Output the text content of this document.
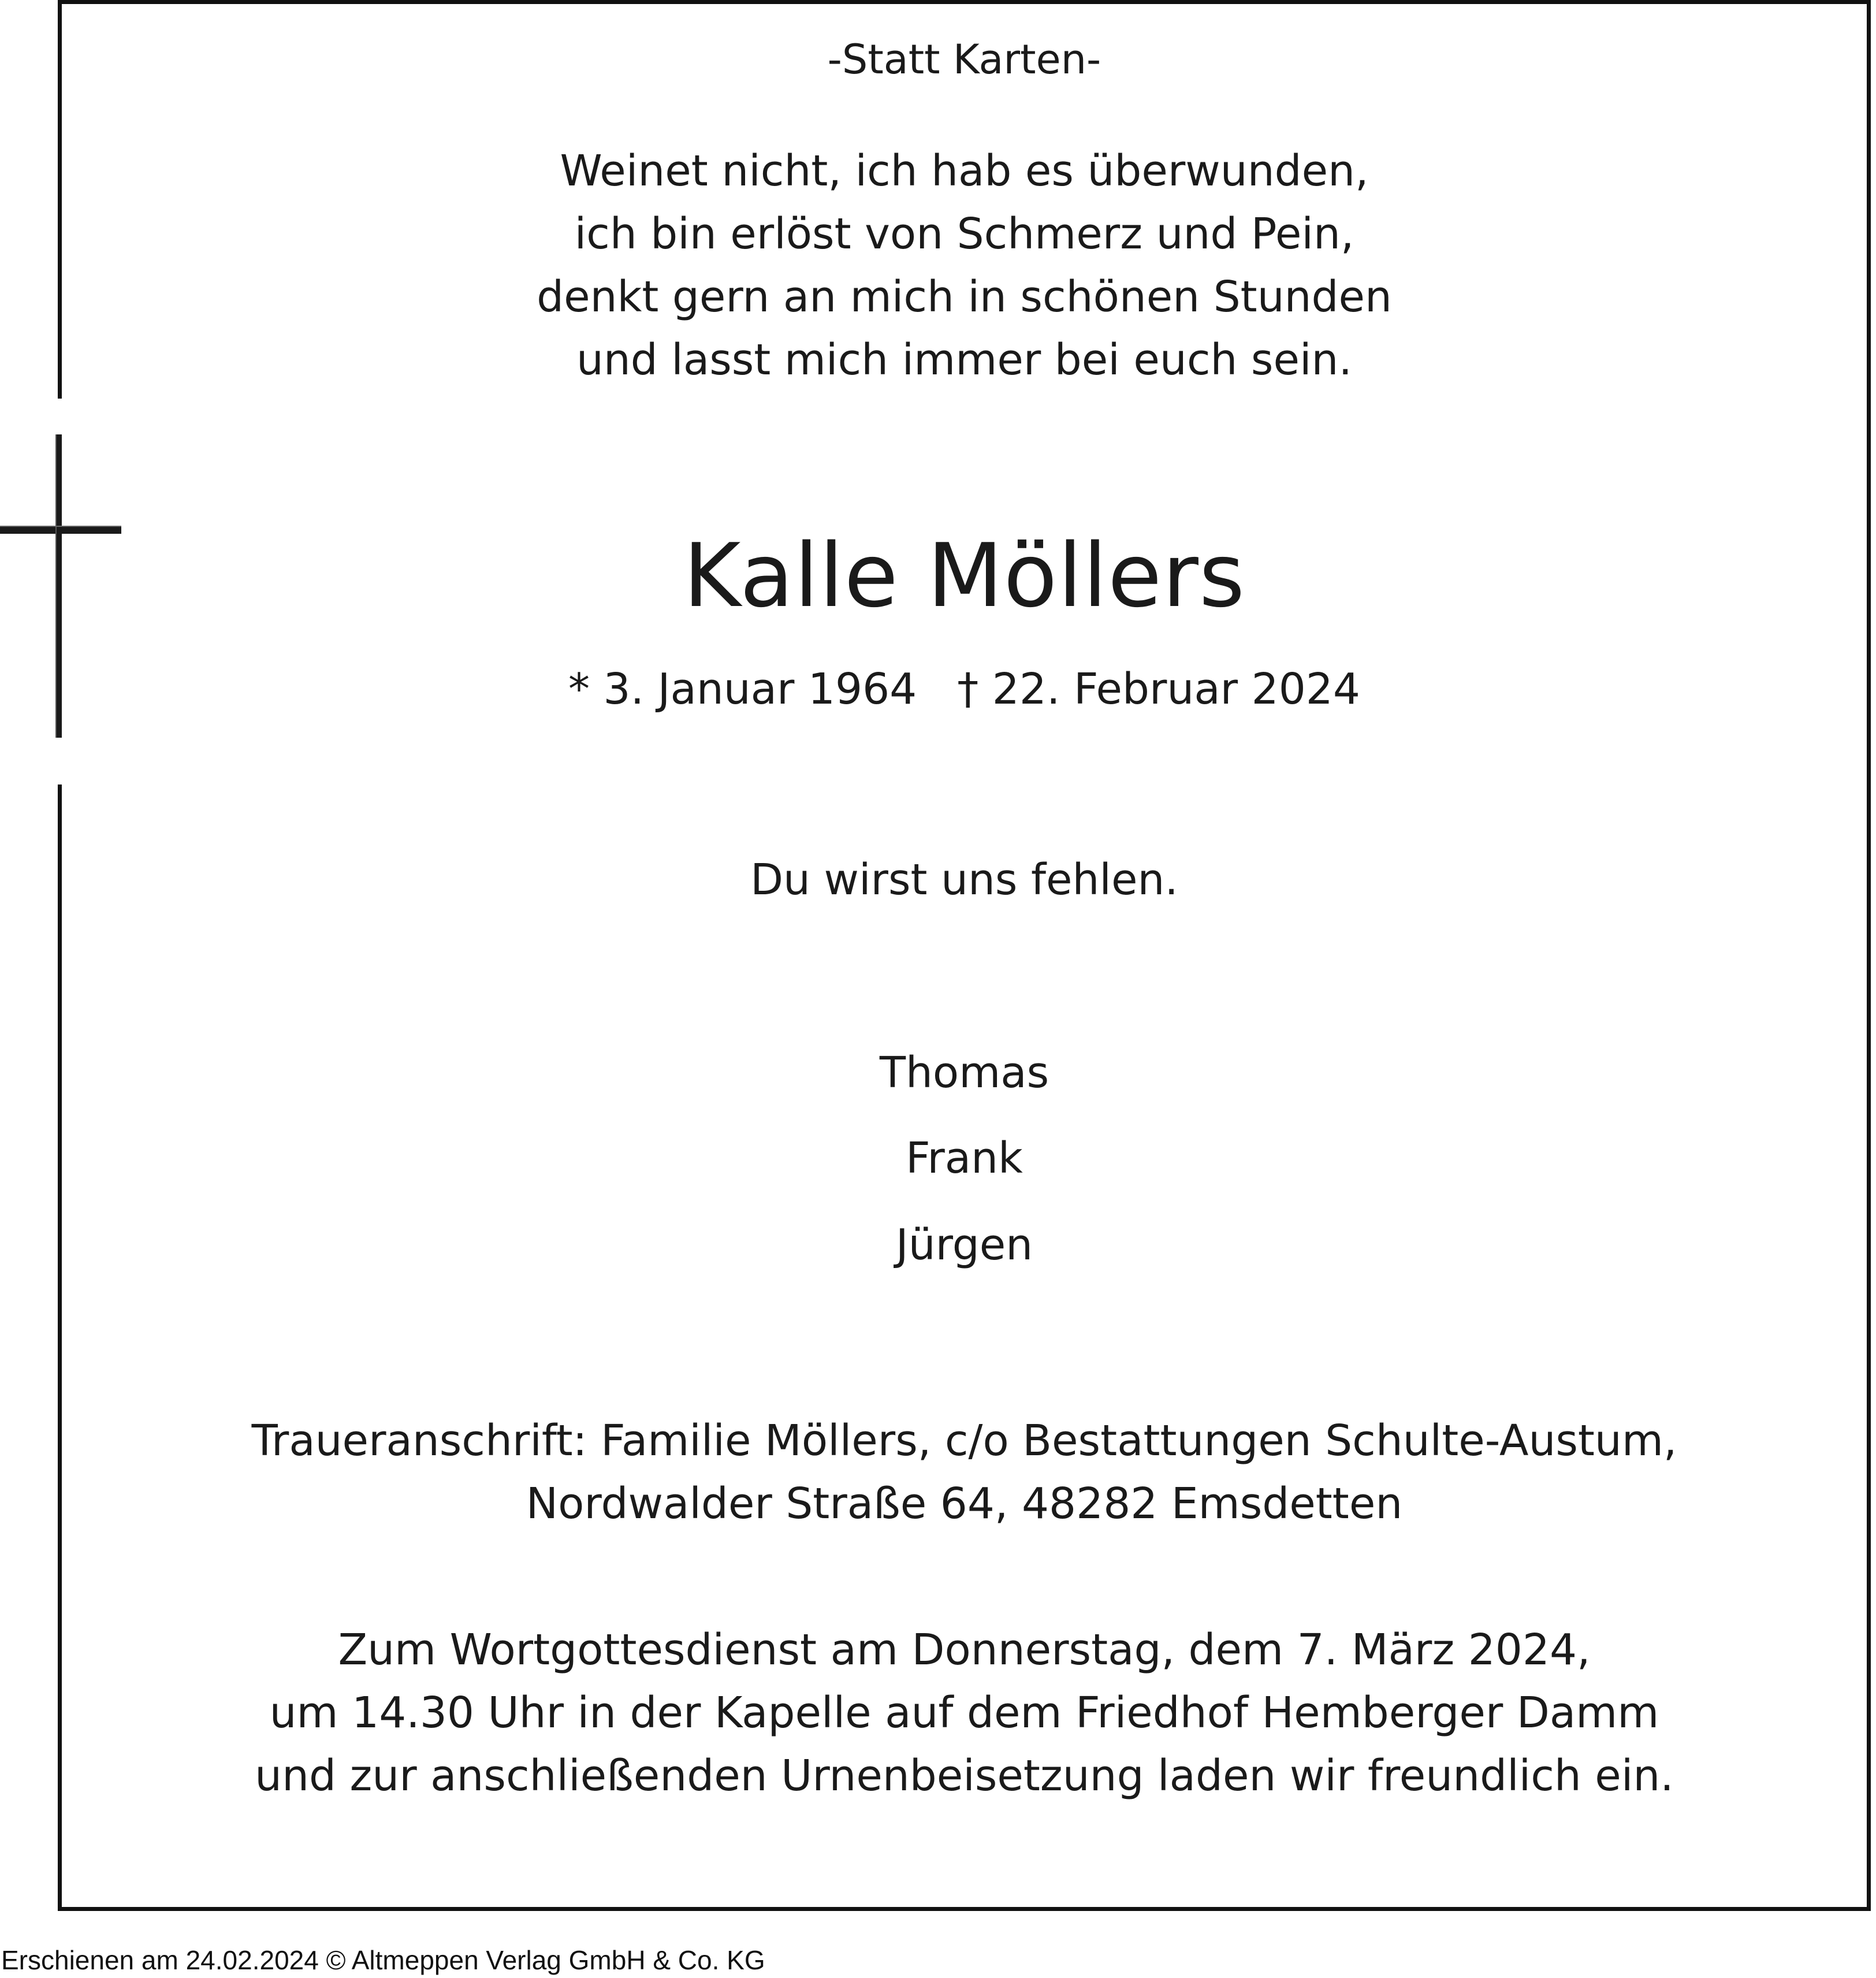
-Statt Karten-
Weinet nicht, ich hab es überwunden,
ich bin erlöst von Schmerz und Pein,
denkt gern an mich in schönen Stunden
und lasst mich immer bei euch sein.
Kalle Möllers
* 3. Januar 1964 † 22. Februar 2024
Du wirst uns fehlen.
Thomas
Frank
Jürgen
Traueranschrift: Familie Möllers, c/o Bestattungen Schulte-Austum,
Nordwalder Straße 64, 48282 Emsdetten
Zum Wortgottesdienst am Donnerstag, dem 7. März 2024,
um 14.30 Uhr in der Kapelle auf dem Friedhof Hemberger Damm
und zur anschließenden Urnenbeisetzung laden wir freundlich ein.
Erschienen am 24.02.2024 © Altmeppen Verlag GmbH & Co. KG
